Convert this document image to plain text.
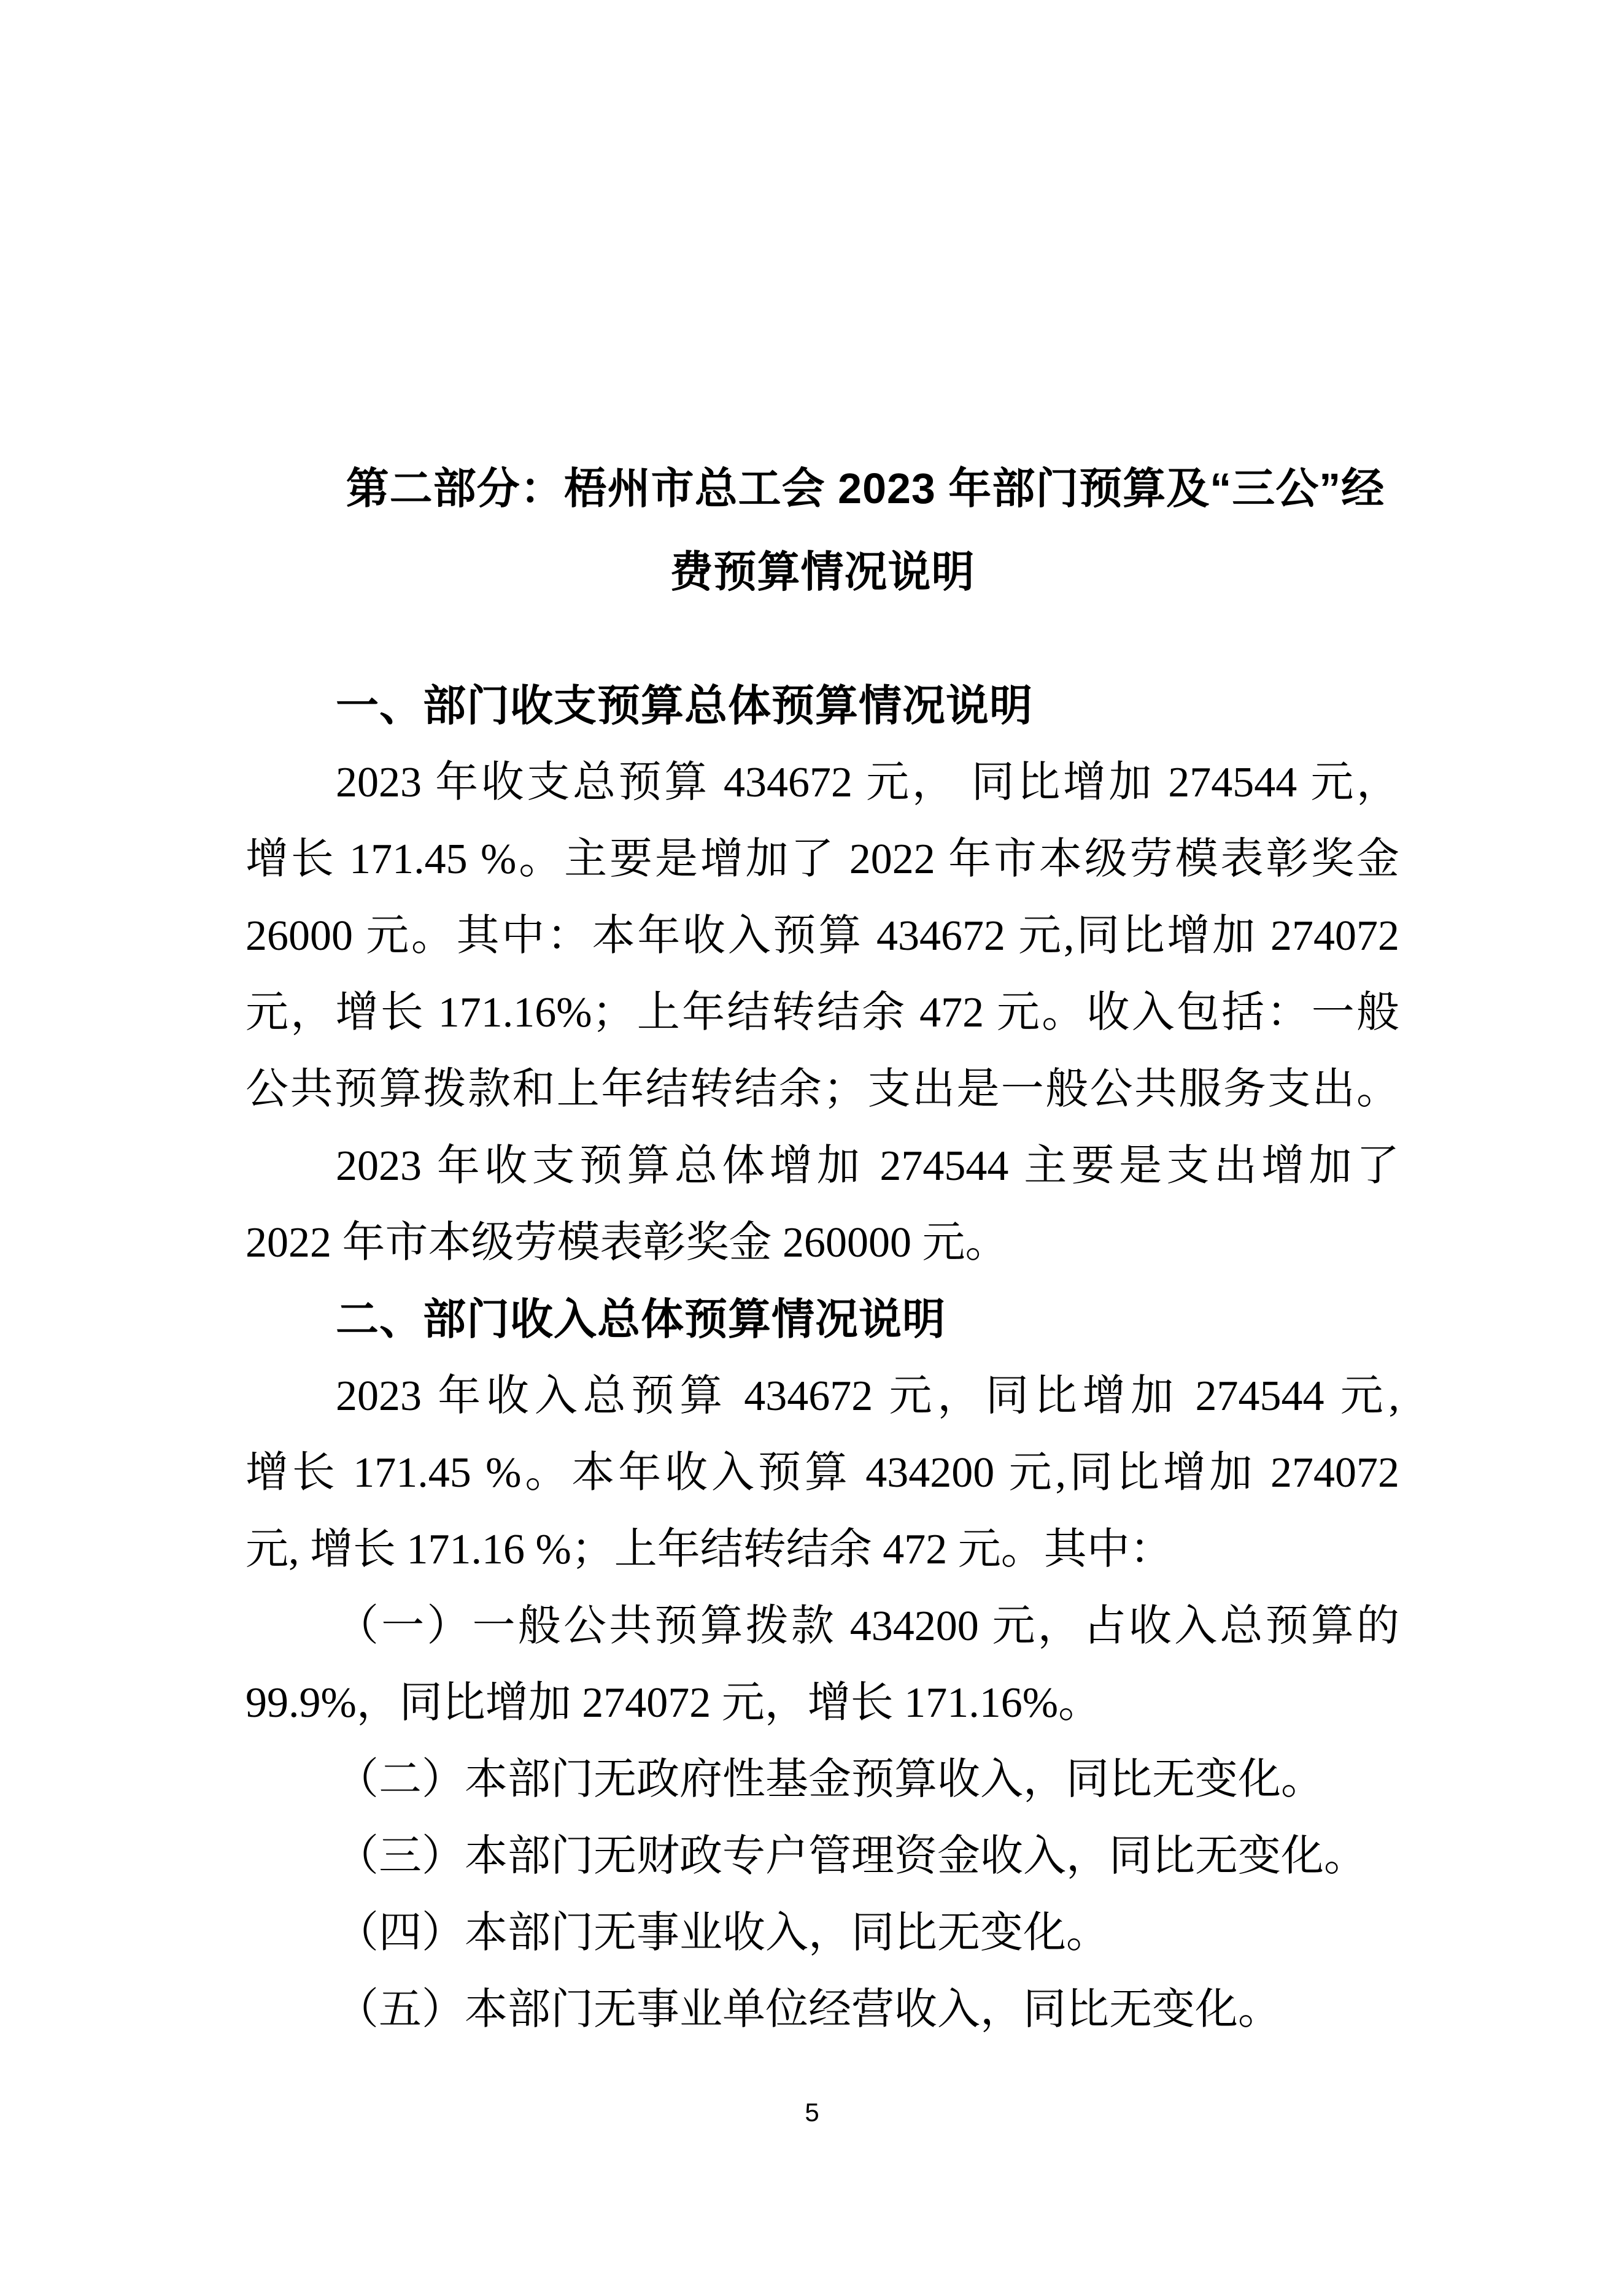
第二部分：梧州市总工会 2023 年部门预算及“三公”经
费预算情况说明
一、部门收支预算总体预算情况说明
2023 年收支总预算 434672 元， 同比增加 274544 元，
增长 171.45 %。主要是增加了 2022 年市本级劳模表彰奖金
26000 元。其中：本年收入预算 434672 元,同比增加 274072
元，增长 171.16%；上年结转结余 472 元。收入包括：一般
公共预算拨款和上年结转结余；支出是一般公共服务支出。
2023 年收支预算总体增加 274544 主要是支出增加了
2022 年市本级劳模表彰奖金 260000 元。
二、部门收入总体预算情况说明
2023 年收入总预算 434672 元，同比增加 274544 元,
增长 171.45 %。本年收入预算 434200 元,同比增加 274072
元, 增长 171.16 %；上年结转结余 472 元。其中：
（一）一般公共预算拨款 434200 元，占收入总预算的
99.9%，同比增加 274072 元，增长 171.16%。
（二）本部门无政府性基金预算收入，同比无变化。
（三）本部门无财政专户管理资金收入，同比无变化。
（四）本部门无事业收入，同比无变化。
（五）本部门无事业单位经营收入，同比无变化。
5
